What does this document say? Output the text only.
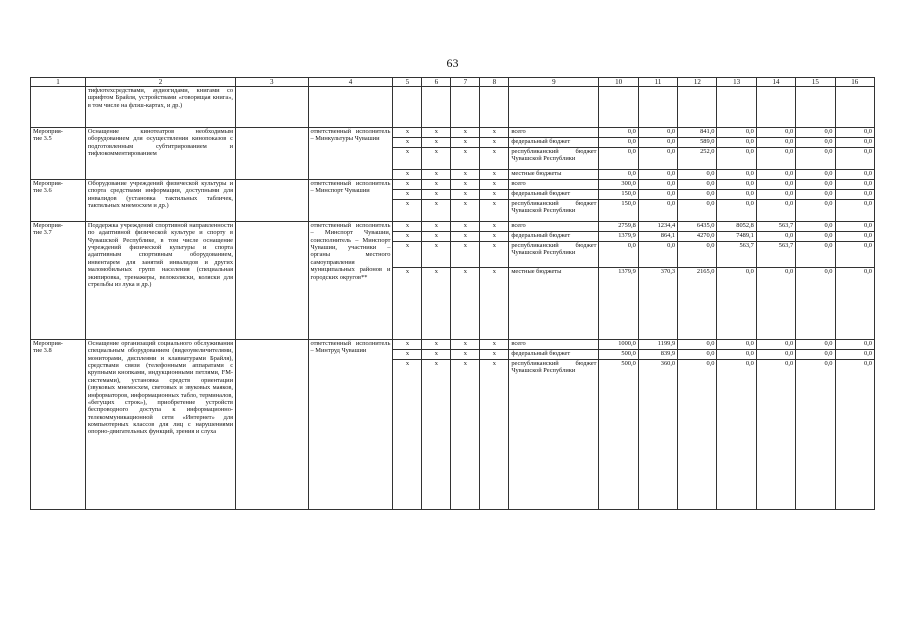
63
1	2	3	4	5	6	7	8	9	10	11	12	13	14	15	16
	тифлотехсредствами, аудиогидами, книгами со шрифтом Брайля, устройствами «говорящая книга», в том числе на флэш-картах, и др.)														
Мероприя-
тие 3.5	Оснащение кинотеатров необходимым оборудованием для осуществления кинопоказов с подготовленным субтитрированием и тифлокомментированием		ответственный исполнитель – Минкультуры Чувашии	x	x	x	x	всего	0,0	0,0	841,0	0,0	0,0	0,0	0,0
				x	x	x	x	федеральный бюджет	0,0	0,0	589,0	0,0	0,0	0,0	0,0
				x	x	x	x	республиканский бюджет Чувашской Республики	0,0	0,0	252,0	0,0	0,0	0,0	0,0
				x	x	x	x	местные бюджеты	0,0	0,0	0,0	0,0	0,0	0,0	0,0
Мероприя-
тие 3.6	Оборудование учреждений физической культуры и спорта средствами информации, доступными для инвалидов (установка тактильных табличек, тактильных мнемосхем и др.)		ответственный исполнитель – Минспорт Чувашии	x	x	x	x	всего	300,0	0,0	0,0	0,0	0,0	0,0	0,0
				x	x	x	x	федеральный бюджет	150,0	0,0	0,0	0,0	0,0	0,0	0,0
				x	x	x	x	республиканский бюджет Чувашской Республики	150,0	0,0	0,0	0,0	0,0	0,0	0,0
Мероприя-
тие 3.7	Поддержка учреждений спортивной направленности по адаптивной физической культуре и спорту в Чувашской Республике, в том числе оснащение учреждений физической культуры и спорта адаптивным спортивным оборудованием, инвентарем для занятий инвалидов и других маломобильных групп населения (специальная экипировка, тренажеры, велоколяски, коляски для стрельбы из лука и др.)		ответственный исполнитель – Минспорт Чувашии, соисполнитель – Минспорт Чувашии, участники – органы местного самоуправления муниципальных районов и городских округов**	x	x	x	x	всего	2759,8	1234,4	6435,0	8052,8	563,7	0,0	0,0
				x	x	x	x	федеральный бюджет	1379,9	864,1	4270,0	7489,1	0,0	0,0	0,0
				x	x	x	x	республиканский бюджет Чувашской Республики	0,0	0,0	0,0	563,7	563,7	0,0	0,0
				x	x	x	x	местные бюджеты	1379,9	370,3	2165,0	0,0	0,0	0,0	0,0
Мероприя-
тие 3.8	Оснащение организаций социального обслуживания специальным оборудованием (видеоувеличителями, мониторами, дисплеями и клавиатурами Брайля), средствами связи (телефонными аппаратами с крупными кнопками, индукционными петлями, FM-системами), установка средств ориентации (звуковых мнемосхем, световых и звуковых маяков, информаторов, информационных табло, терминалов, «бегущих строк»), приобретение устройств беспроводного доступа к информационно-телекоммуникационной сети «Интернет» для компьютерных классов для лиц с нарушениями опорно-двигательных функций, зрения и слуха		ответственный исполнитель – Минтруд Чувашии	x	x	x	x	всего	1000,0	1199,9	0,0	0,0	0,0	0,0	0,0
				x	x	x	x	федеральный бюджет	500,0	839,9	0,0	0,0	0,0	0,0	0,0
				x	x	x	x	республиканский бюджет Чувашской Республики	500,0	360,0	0,0	0,0	0,0	0,0	0,0
